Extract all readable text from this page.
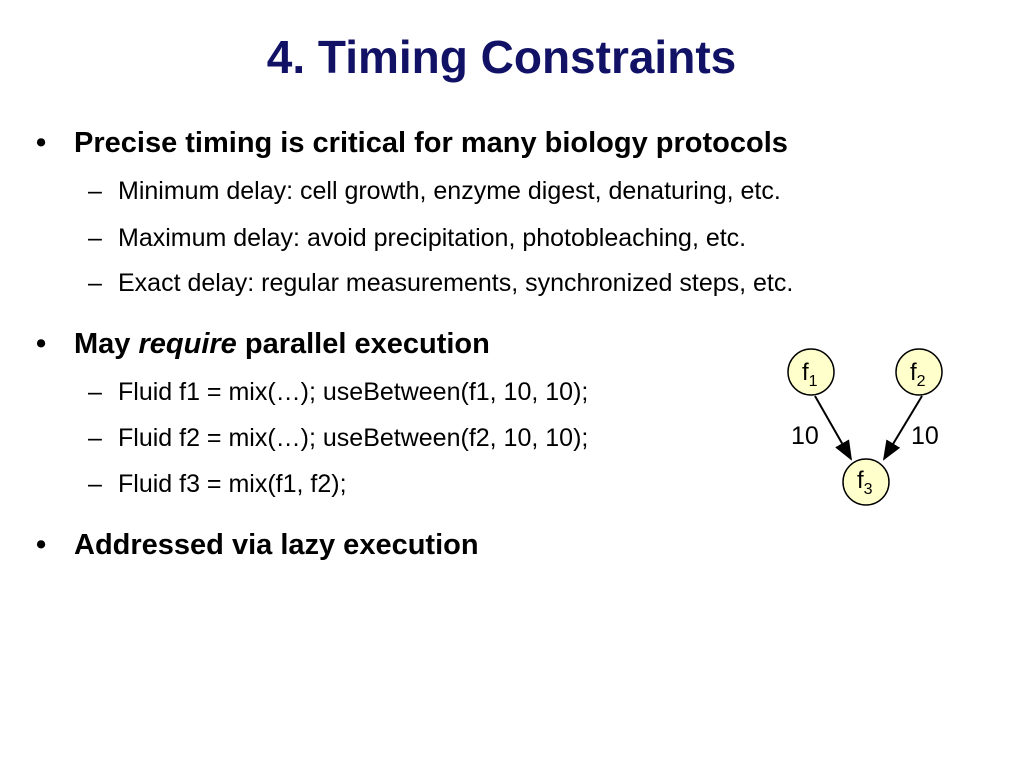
4. Timing Constraints
• Precise timing is critical for many biology protocols
– Minimum delay: cell growth, enzyme digest, denaturing, etc.
– Maximum delay: avoid precipitation, photobleaching, etc.
– Exact delay: regular measurements, synchronized steps, etc.
• May require parallel execution
– Fluid f1 = mix(…); useBetween(f1, 10, 10);
– Fluid f2 = mix(…); useBetween(f2, 10, 10);
– Fluid f3 = mix(f1, f2);
• Addressed via lazy execution
$f_1$	$f_2$
$f_3$
10	10
